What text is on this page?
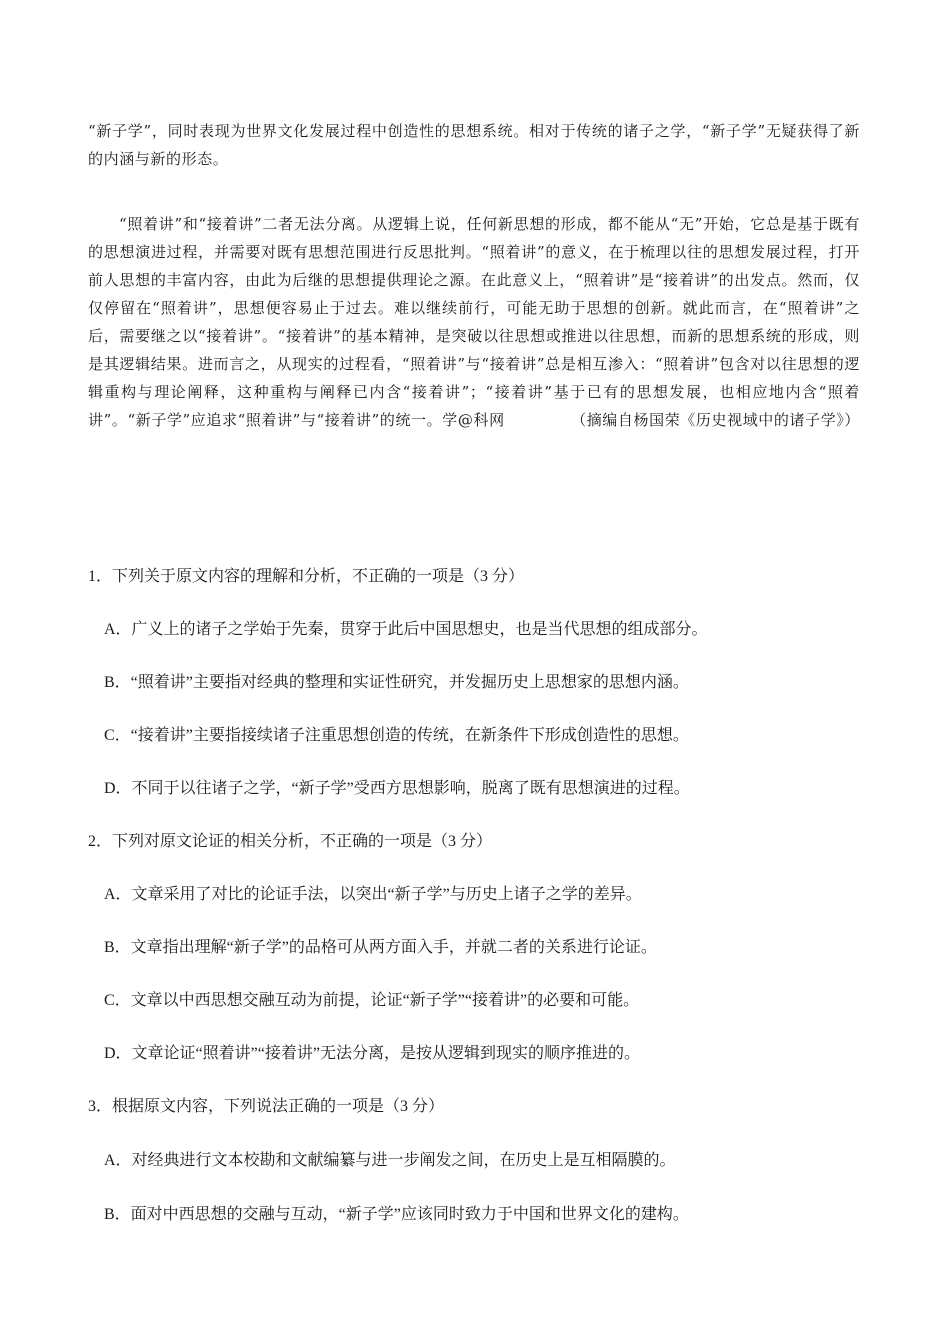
“新子学”，同时表现为世界文化发展过程中创造性的思想系统。相对于传统的诸子之学，“新子学”无疑获得了新的内涵与新的形态。

“照着讲”和“接着讲”二者无法分离。从逻辑上说，任何新思想的形成，都不能从“无”开始，它总是基于既有的思想演进过程，并需要对既有思想范围进行反思批判。“照着讲”的意义，在于梳理以往的思想发展过程，打开前人思想的丰富内容，由此为后继的思想提供理论之源。在此意义上，“照着讲”是“接着讲”的出发点。然而，仅仅停留在“照着讲”，思想便容易止于过去。难以继续前行，可能无助于思想的创新。就此而言，在“照着讲”之后，需要继之以“接着讲”。“接着讲”的基本精神，是突破以往思想或推进以往思想，而新的思想系统的形成，则是其逻辑结果。进而言之，从现实的过程看，“照着讲”与“接着讲”总是相互渗入：“照着讲”包含对以往思想的逻辑重构与理论阐释，这种重构与阐释已内含“接着讲”；“接着讲”基于已有的思想发展，也相应地内含“照着讲”。“新子学”应追求“照着讲”与“接着讲”的统一。学@科网	（摘编自杨国荣《历史视域中的诸子学》）

1．下列关于原文内容的理解和分析，不正确的一项是（3 分）

A．广义上的诸子之学始于先秦，贯穿于此后中国思想史，也是当代思想的组成部分。

B．“照着讲”主要指对经典的整理和实证性研究，并发掘历史上思想家的思想内涵。

C．“接着讲”主要指接续诸子注重思想创造的传统，在新条件下形成创造性的思想。

D．不同于以往诸子之学，“新子学”受西方思想影响，脱离了既有思想演进的过程。

2．下列对原文论证的相关分析，不正确的一项是（3 分）

A．文章采用了对比的论证手法，以突出“新子学”与历史上诸子之学的差异。

B．文章指出理解“新子学”的品格可从两方面入手，并就二者的关系进行论证。

C．文章以中西思想交融互动为前提，论证“新子学”“接着讲”的必要和可能。

D．文章论证“照着讲”“接着讲”无法分离，是按从逻辑到现实的顺序推进的。

3．根据原文内容，下列说法正确的一项是（3 分）

A．对经典进行文本校勘和文献编纂与进一步阐发之间，在历史上是互相隔膜的。

B．面对中西思想的交融与互动，“新子学”应该同时致力于中国和世界文化的建构。
